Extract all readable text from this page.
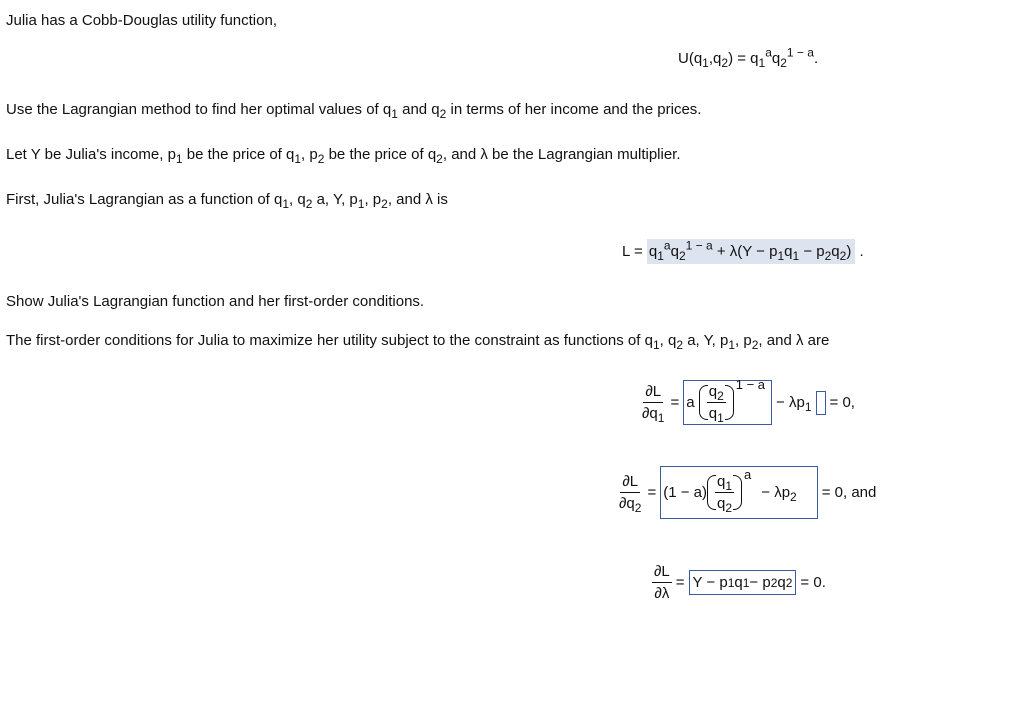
Julia has a Cobb-Douglas utility function,
$U(q_1,q_2) = q_1^aq_2^{1 - a}$.
Use the Lagrangian method to find her optimal values of $q_1$ and $q_2$ in terms of her income and the prices.
Let Y be Julia's income, $p_1$ be the price of $q_1$, $p_2$ be the price of $q_2$, and λ be the Lagrangian multiplier.
First, Julia's Lagrangian as a function of $q_1$, $q_2$ a, Y, $p_1$, $p_2$, and λ is
$L = q_1^aq_2^{1 - a} + \lambda(Y - p_1q_1 - p_2q_2)$ .
Show Julia's Lagrangian function and her first-order conditions.
The first-order conditions for Julia to maximize her utility subject to the constraint as functions of $q_1$, $q_2$ a, Y, $p_1$, $p_2$, and λ are
$\frac{\partial L}{\partial q_1} = a \frac{q_2}{q_1} 1 - a$
− $\lambda p_1 = 0$,
$\frac{\partial L}{\partial q_2} = (1 - a) \frac{q_1}{q_2}$ a
− $\lambda p_2 = 0$, and
$\frac{\partial L}{\partial\lambda} = Y - p$ 1 q 1 − p 2 q 2 = 0.
